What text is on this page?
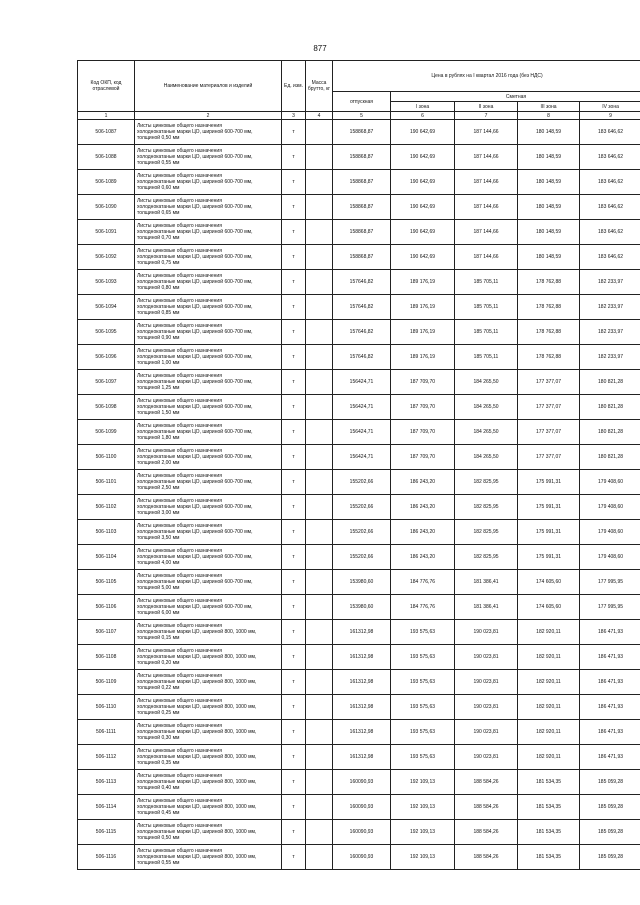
877
Код ОКП, код отраслевой	Наименование материалов и изделий	Ед. изм.	Масса брутто, кг	Цена в рублях на I квартал 2016 года (без НДС)				
				отпускная	Сметная			
					I зона	II зона	III зона	IV зона
1	2	3	4	5	6	7	8	9
506-1087	Листы цинковые общего назначения
холоднокатаные марки ЦО, шириной 600-700 мм,
толщиной 0,50 мм	т		158868,87	190 642,69	187 144,66	180 148,59	183 646,62
506-1088	Листы цинковые общего назначения
холоднокатаные марки ЦО, шириной 600-700 мм,
толщиной 0,55 мм	т		158868,87	190 642,69	187 144,66	180 148,59	183 646,62
506-1089	Листы цинковые общего назначения
холоднокатаные марки ЦО, шириной 600-700 мм,
толщиной 0,60 мм	т		158868,87	190 642,69	187 144,66	180 148,59	183 646,62
506-1090	Листы цинковые общего назначения
холоднокатаные марки ЦО, шириной 600-700 мм,
толщиной 0,65 мм	т		158868,87	190 642,69	187 144,66	180 148,59	183 646,62
506-1091	Листы цинковые общего назначения
холоднокатаные марки ЦО, шириной 600-700 мм,
толщиной 0,70 мм	т		158868,87	190 642,69	187 144,66	180 148,59	183 646,62
506-1092	Листы цинковые общего назначения
холоднокатаные марки ЦО, шириной 600-700 мм,
толщиной 0,75 мм	т		158868,87	190 642,69	187 144,66	180 148,59	183 646,62
506-1093	Листы цинковые общего назначения
холоднокатаные марки ЦО, шириной 600-700 мм,
толщиной 0,80 мм	т		157646,82	189 176,19	185 705,11	178 762,88	182 233,97
506-1094	Листы цинковые общего назначения
холоднокатаные марки ЦО, шириной 600-700 мм,
толщиной 0,85 мм	т		157646,82	189 176,19	185 705,11	178 762,88	182 233,97
506-1095	Листы цинковые общего назначения
холоднокатаные марки ЦО, шириной 600-700 мм,
толщиной 0,90 мм	т		157646,82	189 176,19	185 705,11	178 762,88	182 233,97
506-1096	Листы цинковые общего назначения
холоднокатаные марки ЦО, шириной 600-700 мм,
толщиной 1,00 мм	т		157646,82	189 176,19	185 705,11	178 762,88	182 233,97
506-1097	Листы цинковые общего назначения
холоднокатаные марки ЦО, шириной 600-700 мм,
толщиной 1,25 мм	т		156424,71	187 709,70	184 265,50	177 377,07	180 821,28
506-1098	Листы цинковые общего назначения
холоднокатаные марки ЦО, шириной 600-700 мм,
толщиной 1,50 мм	т		156424,71	187 709,70	184 265,50	177 377,07	180 821,28
506-1099	Листы цинковые общего назначения
холоднокатаные марки ЦО, шириной 600-700 мм,
толщиной 1,80 мм	т		156424,71	187 709,70	184 265,50	177 377,07	180 821,28
506-1100	Листы цинковые общего назначения
холоднокатаные марки ЦО, шириной 600-700 мм,
толщиной 2,00 мм	т		156424,71	187 709,70	184 265,50	177 377,07	180 821,28
506-1101	Листы цинковые общего назначения
холоднокатаные марки ЦО, шириной 600-700 мм,
толщиной 2,50 мм	т		155202,66	186 243,20	182 825,95	175 991,31	179 408,60
506-1102	Листы цинковые общего назначения
холоднокатаные марки ЦО, шириной 600-700 мм,
толщиной 3,00 мм	т		155202,66	186 243,20	182 825,95	175 991,31	179 408,60
506-1103	Листы цинковые общего назначения
холоднокатаные марки ЦО, шириной 600-700 мм,
толщиной 3,50 мм	т		155202,66	186 243,20	182 825,95	175 991,31	179 408,60
506-1104	Листы цинковые общего назначения
холоднокатаные марки ЦО, шириной 600-700 мм,
толщиной 4,00 мм	т		155202,66	186 243,20	182 825,95	175 991,31	179 408,60
506-1105	Листы цинковые общего назначения
холоднокатаные марки ЦО, шириной 600-700 мм,
толщиной 5,00 мм	т		153980,60	184 776,76	181 386,41	174 605,60	177 995,95
506-1106	Листы цинковые общего назначения
холоднокатаные марки ЦО, шириной 600-700 мм,
толщиной 6,00 мм	т		153980,60	184 776,76	181 386,41	174 605,60	177 995,95
506-1107	Листы цинковые общего назначения
холоднокатаные марки ЦО, шириной 800, 1000 мм,
толщиной 0,15 мм	т		161312,98	193 575,63	190 023,81	182 920,11	186 471,93
506-1108	Листы цинковые общего назначения
холоднокатаные марки ЦО, шириной 800, 1000 мм,
толщиной 0,20 мм	т		161312,98	193 575,63	190 023,81	182 920,11	186 471,93
506-1109	Листы цинковые общего назначения
холоднокатаные марки ЦО, шириной 800, 1000 мм,
толщиной 0,22 мм	т		161312,98	193 575,63	190 023,81	182 920,11	186 471,93
506-1110	Листы цинковые общего назначения
холоднокатаные марки ЦО, шириной 800, 1000 мм,
толщиной 0,25 мм	т		161312,98	193 575,63	190 023,81	182 920,11	186 471,93
506-1111	Листы цинковые общего назначения
холоднокатаные марки ЦО, шириной 800, 1000 мм,
толщиной 0,30 мм	т		161312,98	193 575,63	190 023,81	182 920,11	186 471,93
506-1112	Листы цинковые общего назначения
холоднокатаные марки ЦО, шириной 800, 1000 мм,
толщиной 0,35 мм	т		161312,98	193 575,63	190 023,81	182 920,11	186 471,93
506-1113	Листы цинковые общего назначения
холоднокатаные марки ЦО, шириной 800, 1000 мм,
толщиной 0,40 мм	т		160090,93	192 109,13	188 584,26	181 534,35	185 059,28
506-1114	Листы цинковые общего назначения
холоднокатаные марки ЦО, шириной 800, 1000 мм,
толщиной 0,45 мм	т		160090,93	192 109,13	188 584,26	181 534,35	185 059,28
506-1115	Листы цинковые общего назначения
холоднокатаные марки ЦО, шириной 800, 1000 мм,
толщиной 0,50 мм	т		160090,93	192 109,13	188 584,26	181 534,35	185 059,28
506-1116	Листы цинковые общего назначения
холоднокатаные марки ЦО, шириной 800, 1000 мм,
толщиной 0,55 мм	т		160090,93	192 109,13	188 584,26	181 534,35	185 059,28
